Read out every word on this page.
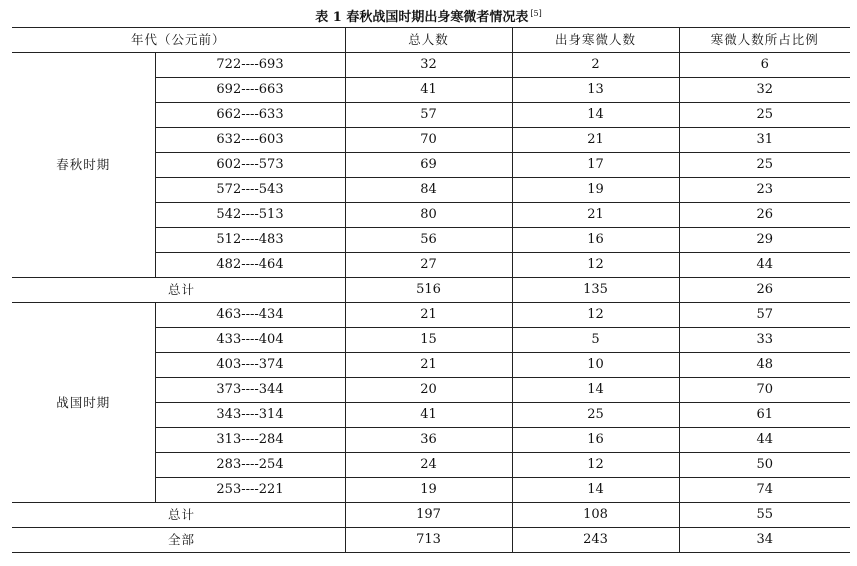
表 1 春秋战国时期出身寒微者情况表 [5]
年代（公元前）		总人数	出身寒微人数	寒微人数所占比例
春秋时期	722----693	32	2	6
	692----663	41	13	32
	662----633	57	14	25
	632----603	70	21	31
	602----573	69	17	25
	572----543	84	19	23
	542----513	80	21	26
	512----483	56	16	29
	482----464	27	12	44
总计		516	135	26
战国时期	463----434	21	12	57
	433----404	15	5	33
	403----374	21	10	48
	373----344	20	14	70
	343----314	41	25	61
	313----284	36	16	44
	283----254	24	12	50
	253----221	19	14	74
总计		197	108	55
全部		713	243	34
